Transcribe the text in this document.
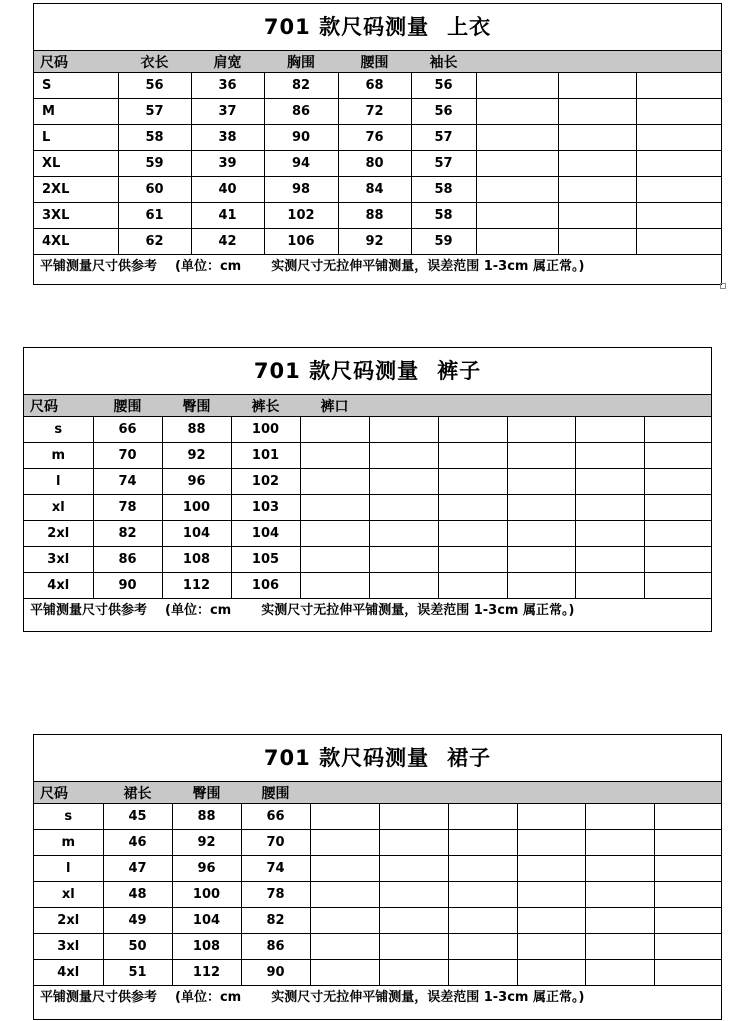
701 款尺码测量 上衣
尺码	衣长	肩宽	胸围	腰围	袖长			
S	56	36	82	68	56			
M	57	37	86	72	56			
L	58	38	90	76	57			
XL	59	39	94	80	57			
2XL	60	40	98	84	58			
3XL	61	41	102	88	58			
4XL	62	42	106	92	59			
平铺测量尺寸供参考 (单位：cm 实测尺寸无拉伸平铺测量，误差范围 1-3cm 属正常。)
701 款尺码测量 裤子
尺码	腰围	臀围	裤长	裤口					
s	66	88	100						
m	70	92	101						
l	74	96	102						
xl	78	100	103						
2xl	82	104	104						
3xl	86	108	105						
4xl	90	112	106						
平铺测量尺寸供参考 (单位：cm 实测尺寸无拉伸平铺测量，误差范围 1-3cm 属正常。)
701 款尺码测量 裙子
尺码	裙长	臀围	腰围						
s	45	88	66						
m	46	92	70						
l	47	96	74						
xl	48	100	78						
2xl	49	104	82						
3xl	50	108	86						
4xl	51	112	90						
平铺测量尺寸供参考 (单位：cm 实测尺寸无拉伸平铺测量，误差范围 1-3cm 属正常。)
